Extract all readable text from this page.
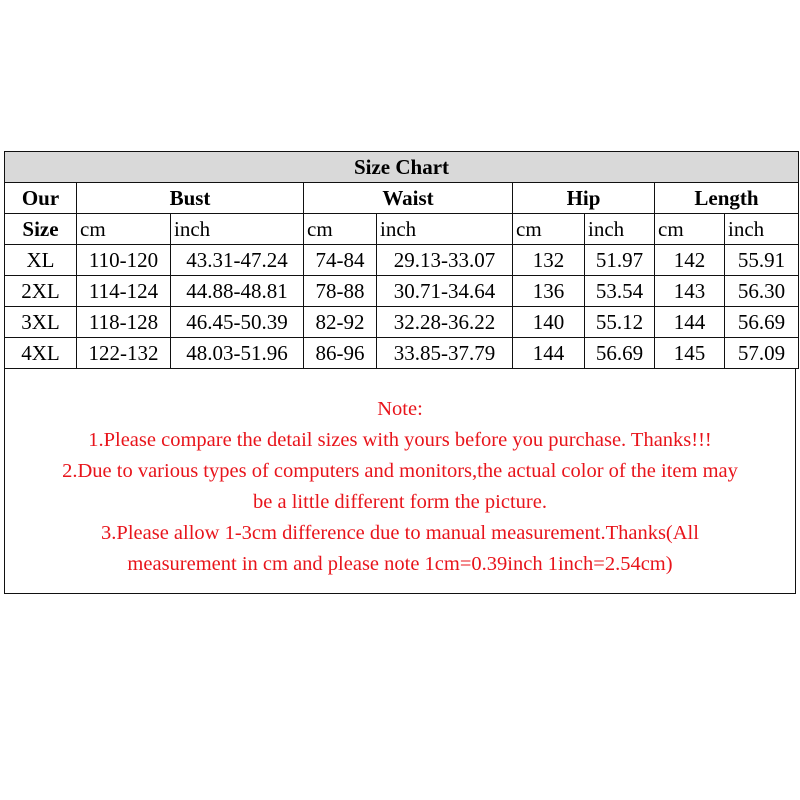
Size Chart								
Our	Bust		Waist		Hip		Length	
Size	cm	inch	cm	inch	cm	inch	cm	inch
XL	110-120	43.31-47.24	74-84	29.13-33.07	132	51.97	142	55.91
2XL	114-124	44.88-48.81	78-88	30.71-34.64	136	53.54	143	56.30
3XL	118-128	46.45-50.39	82-92	32.28-36.22	140	55.12	144	56.69
4XL	122-132	48.03-51.96	86-96	33.85-37.79	144	56.69	145	57.09
Note:
1.Please compare the detail sizes with yours before you purchase. Thanks!!!
2.Due to various types of computers and monitors,the actual color of the item may
be a little different form the picture.
3.Please allow 1-3cm difference due to manual measurement.Thanks(All
measurement in cm and please note 1cm=0.39inch 1inch=2.54cm)
